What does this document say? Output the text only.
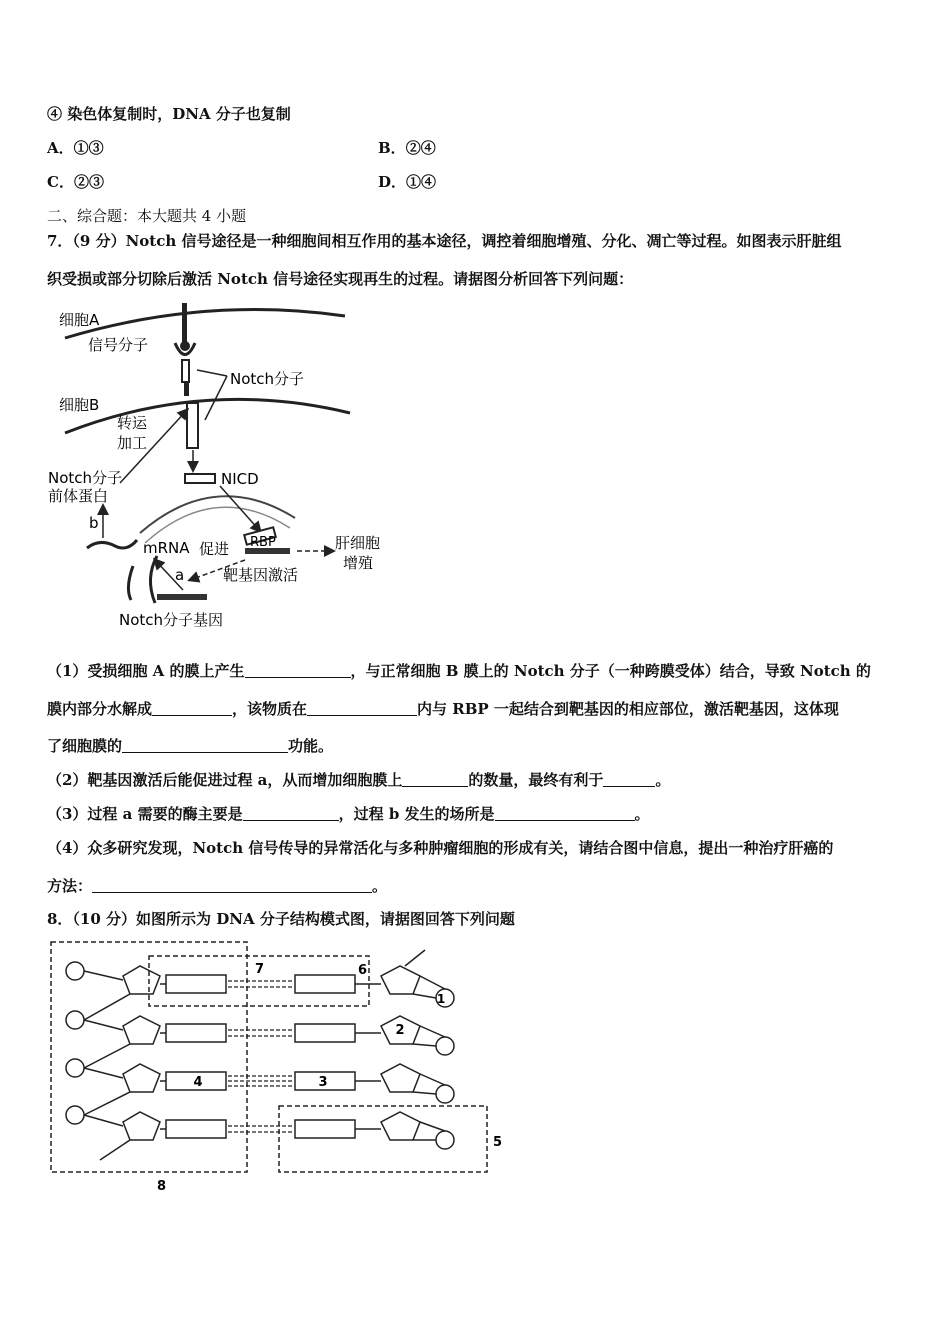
④ 染色体复制时，DNA 分子也复制
A．①③	B．②④
C．②③	D．①④
二、综合题：本大题共 4 小题
7．（9 分）Notch 信号途径是一种细胞间相互作用的基本途径，调控着细胞增殖、分化、凋亡等过程。如图表示肝脏组
织受损或部分切除后激活 Notch 信号途径实现再生的过程。请据图分析回答下列问题：
细胞A
信号分子
Notch分子
细胞B
转运
加工
Notch分子
前体蛋白
NICD
b
mRNA 促进 RBP	肝细胞
增殖
a	靶基因激活
Notch分子基因
（1）受损细胞 A 的膜上产生	，与正常细胞 B 膜上的 Notch 分子（一种跨膜受体）结合，导致 Notch 的
膜内部分水解成	，该物质在	内与 RBP 一起结合到靶基因的相应部位，激活靶基因，这体现
了细胞膜的	功能。
（2）靶基因激活后能促进过程 a，从而增加细胞膜上	的数量，最终有利于	。
（3）过程 a 需要的酶主要是	，过程 b 发生的场所是	。
（4）众多研究发现，Notch 信号传导的异常活化与多种肿瘤细胞的形成有关，请结合图中信息，提出一种治疗肝癌的
方法：	。
8．（10 分）如图所示为 DNA 分子结构模式图，请据图回答下列问题
1
2
3
4
5
6
7
8
